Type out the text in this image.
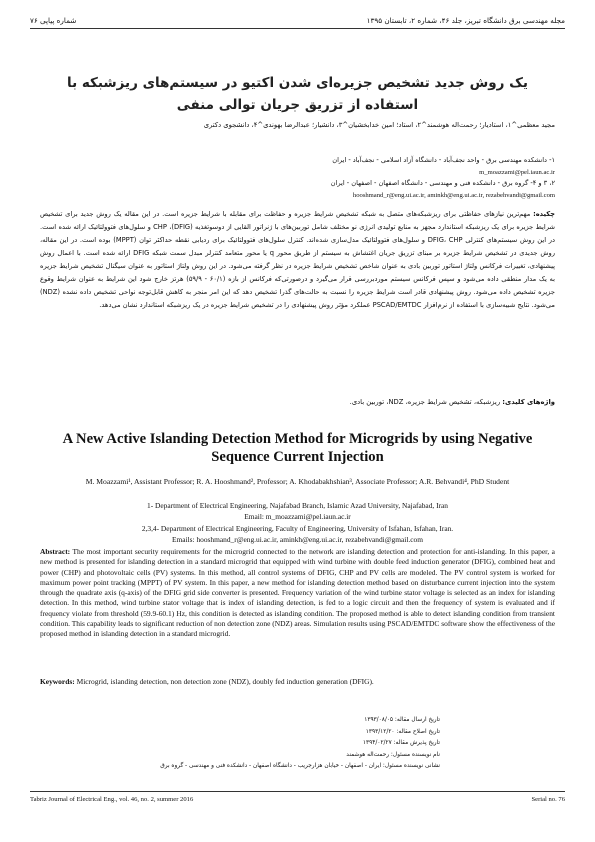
مجله مهندسی برق دانشگاه تبریز، جلد ۴۶، شماره ۲، تابستان ۱۳۹۵
شماره پیاپی ۷۶
یک روش جدید تشخیص جزیره‌ای شدن اکتیو در سیستم‌های ریزشبکه با استفاده از تزریق جریان توالی منفی
مجید معظمی^۱، استادیار؛ رحمت‌اله هوشمند^۲، استاد؛ امین خدابخشیان^۳، دانشیار؛ عبدالرضا بهوندی^۴، دانشجوی دکتری
۱- دانشکده مهندسی برق - واحد نجف‌آباد - دانشگاه آزاد اسلامی - نجف‌آباد - ایران
m_moazzami@pel.iaun.ac.ir
۲، ۳ و ۴- گروه برق - دانشکده فنی و مهندسی - دانشگاه اصفهان - اصفهان - ایران
hooshmand_r@eng.ui.ac.ir, aminkh@eng.ui.ac.ir, rezabehvandi@gmail.com
چکیده: مهم‌ترین نیازهای حفاظتی برای ریزشبکه‌های متصل به شبکه تشخیص شرایط جزیره و حفاظت برای مقابله با شرایط جزیره است. در این مقاله یک روش جدید برای تشخیص شرایط جزیره برای یک ریزشبکه استاندارد مجهز به منابع تولیدی انرژی نو مختلف شامل توربین‌های با ژنراتور القایی از دوسوتغذیه (DFIG)، CHP و سلول‌های فتوولتائیک ارائه شده است. در این روش سیستم‌های کنترلی DFIG، CHP و سلول‌های فتوولتائیک مدل‌سازی شده‌اند. کنترل سلول‌های فتوولتائیک برای ردیابی نقطه حداکثر توان (MPPT) بوده است. در این مقاله، روش جدیدی در تشخیص شرایط جزیره بر مبنای تزریق جریان اغتشاش به سیستم از طریق محور q یا محور متعامد کنترلر مبدل سمت شبکه DFIG ارائه شده است. با اعمال روش پیشنهادی، تغییرات فرکانس ولتاژ استاتور توربین بادی به عنوان شاخص تشخیص شرایط جزیره در نظر گرفته می‌شود. در این روش ولتاژ استاتور به عنوان سیگنال تشخیص شرایط جزیره به یک مدار منطقی داده می‌شود و سپس فرکانس سیستم موردبررسی قرار می‌گیرد و درصورتی‌که فرکانس از بازه (۶۰/۱ - ۵۹/۹) هرتز خارج شود این شرایط به عنوان شرایط وقوع جزیره تشخیص داده می‌شود. روش پیشنهادی قادر است شرایط جزیره را نسبت به حالت‌های گذرا تشخیص دهد که این امر منجر به کاهش قابل‌توجه نواحی تشخیص داده نشده (NDZ) می‌شود. نتایج شبیه‌سازی با استفاده از نرم‌افزار PSCAD/EMTDC عملکرد مؤثر روش پیشنهادی را در تشخیص شرایط جزیره در یک ریزشبکه استاندارد نشان می‌دهد.
واژه‌های کلیدی: ریزشبکه، تشخیص شرایط جزیره، NDZ، توربین بادی.
A New Active Islanding Detection Method for Microgrids by using Negative Sequence Current Injection
M. Moazzami¹, Assistant Professor; R. A. Hooshmand², Professor; A. Khodabakhshian³, Associate Professor; A.R. Behvandi⁴, PhD Student
1- Department of Electrical Engineering, Najafabad Branch, Islamic Azad University, Najafabad, Iran
Email: m_moazzami@pel.iaun.ac.ir
2,3,4- Department of Electrical Engineering, Faculty of Engineering, University of Isfahan, Isfahan, Iran.
Emails: hooshmand_r@eng.ui.ac.ir, aminkh@eng.ui.ac.ir, rezabehvandi@gmail.com
Abstract: The most important security requirements for the microgrid connected to the network are islanding detection and protection for anti-islanding. In this paper, a new method is presented for islanding detection in a standard microgrid that equipped with wind turbine with double feed induction generator (DFIG), combined heat and power (CHP) and photovoltaic cells (PV) systems. In this method, all control systems of DFIG, CHP and PV cells are modeled. The PV control system is worked for maximum power point tracking (MPPT) of PV system. In this paper, a new method for islanding detection method based on disturbance current injection into the system through the quadrate axis (q-axis) of the DFIG grid side converter is presented. Frequency variation of the wind turbine stator voltage is selected as an index for islanding detection. In this method, wind turbine stator voltage that is index of islanding detection, is fed to a logic circuit and then the frequency of system is evaluated and if frequency violate from threshold (59.9-60.1) Hz, this condition is detected as islanding condition. The proposed method is able to detect islanding condition from transient condition. This capability leads to significant reduction of non detection zone (NDZ) areas. Simulation results using PSCAD/EMTDC software show the effectiveness of the proposed method in islanding detection in a standard microgrid.
Keywords: Microgrid, islanding detection, non detection zone (NDZ), doubly fed induction generation (DFIG).
تاریخ ارسال مقاله: ۱۳۹۳/۰۸/۰۵
تاریخ اصلاح مقاله: ۱۳۹۳/۱۲/۲۰
تاریخ پذیرش مقاله: ۱۳۹۴/۰۲/۲۷
نام نویسنده مسئول: رحمت‌اله هوشمند
نشانی نویسنده مسئول: ایران - اصفهان - خیابان هزارجریب - دانشگاه اصفهان - دانشکده فنی و مهندسی - گروه برق
Tabriz Journal of Electrical Eng., vol. 46, no. 2, summer 2016	Serial no. 76
